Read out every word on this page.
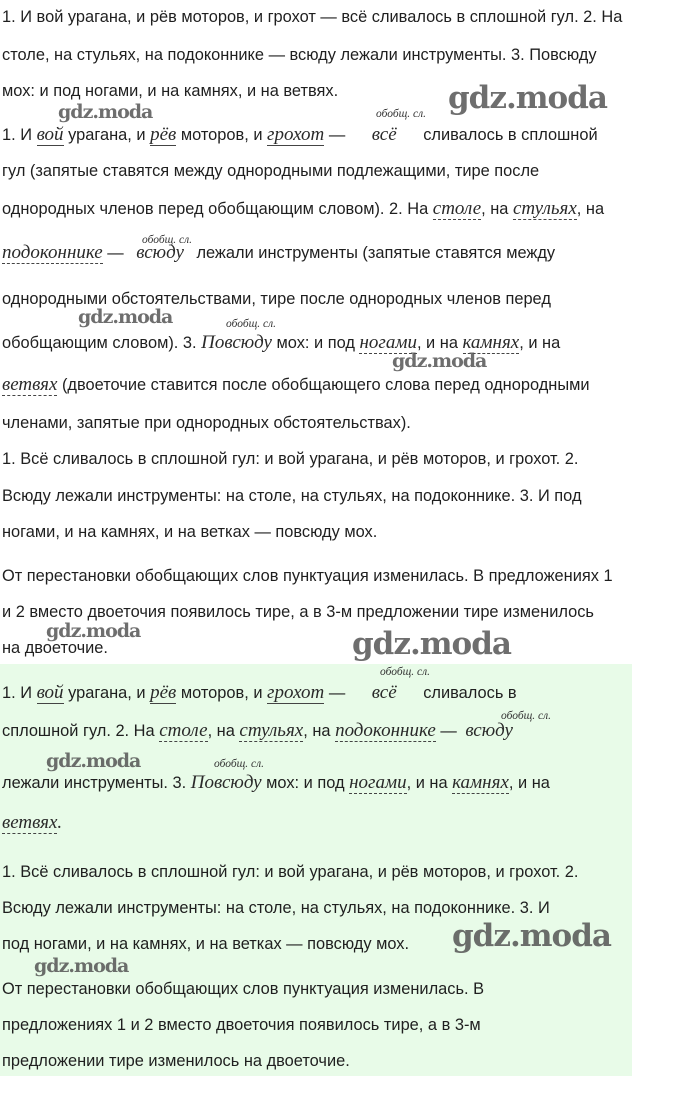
1. И вой урагана, и рёв моторов, и грохот — всё сливалось в сплошной гул. 2. На
столе, на стульях, на подоконнике — всюду лежали инструменты. 3. Повсюду
мох: и под ногами, и на камнях, и на ветвях.
обобщ. сл.
1. И вой урагана, и рёв моторов, и грохот — всё сливалось в сплошной
гул (запятые ставятся между однородными подлежащими, тире после
однородных членов перед обобщающим словом). 2. На столе, на стульях, на
обобщ. сл.
подоконнике — всюду лежали инструменты (запятые ставятся между
однородными обстоятельствами, тире после однородных членов перед
обобщ. сл.
обобщающим словом). 3. Повсюду мох: и под ногами, и на камнях, и на
ветвях (двоеточие ставится после обобщающего слова перед однородными
членами, запятые при однородных обстоятельствах).
1. Всё сливалось в сплошной гул: и вой урагана, и рёв моторов, и грохот. 2.
Всюду лежали инструменты: на столе, на стульях, на подоконнике. 3. И под
ногами, и на камнях, и на ветках — повсюду мох.
От перестановки обобщающих слов пунктуация изменилась. В предложениях 1
и 2 вместо двоеточия появилось тире, а в 3-м предложении тире изменилось
на двоеточие.
обобщ. сл.
1. И вой урагана, и рёв моторов, и грохот — всё сливалось в
обобщ. сл.
сплошной гул. 2. На столе, на стульях, на подоконнике — всюду
обобщ. сл.
лежали инструменты. 3. Повсюду мох: и под ногами, и на камнях, и на
ветвях.
1. Всё сливалось в сплошной гул: и вой урагана, и рёв моторов, и грохот. 2.
Всюду лежали инструменты: на столе, на стульях, на подоконнике. 3. И
под ногами, и на камнях, и на ветках — повсюду мох.
От перестановки обобщающих слов пунктуация изменилась. В
предложениях 1 и 2 вместо двоеточия появилось тире, а в 3-м
предложении тире изменилось на двоеточие.
gdz.moda
gdz.moda
gdz.moda
gdz.moda
gdz.moda	gdz.moda
gdz.moda
gdz.moda
gdz.moda
